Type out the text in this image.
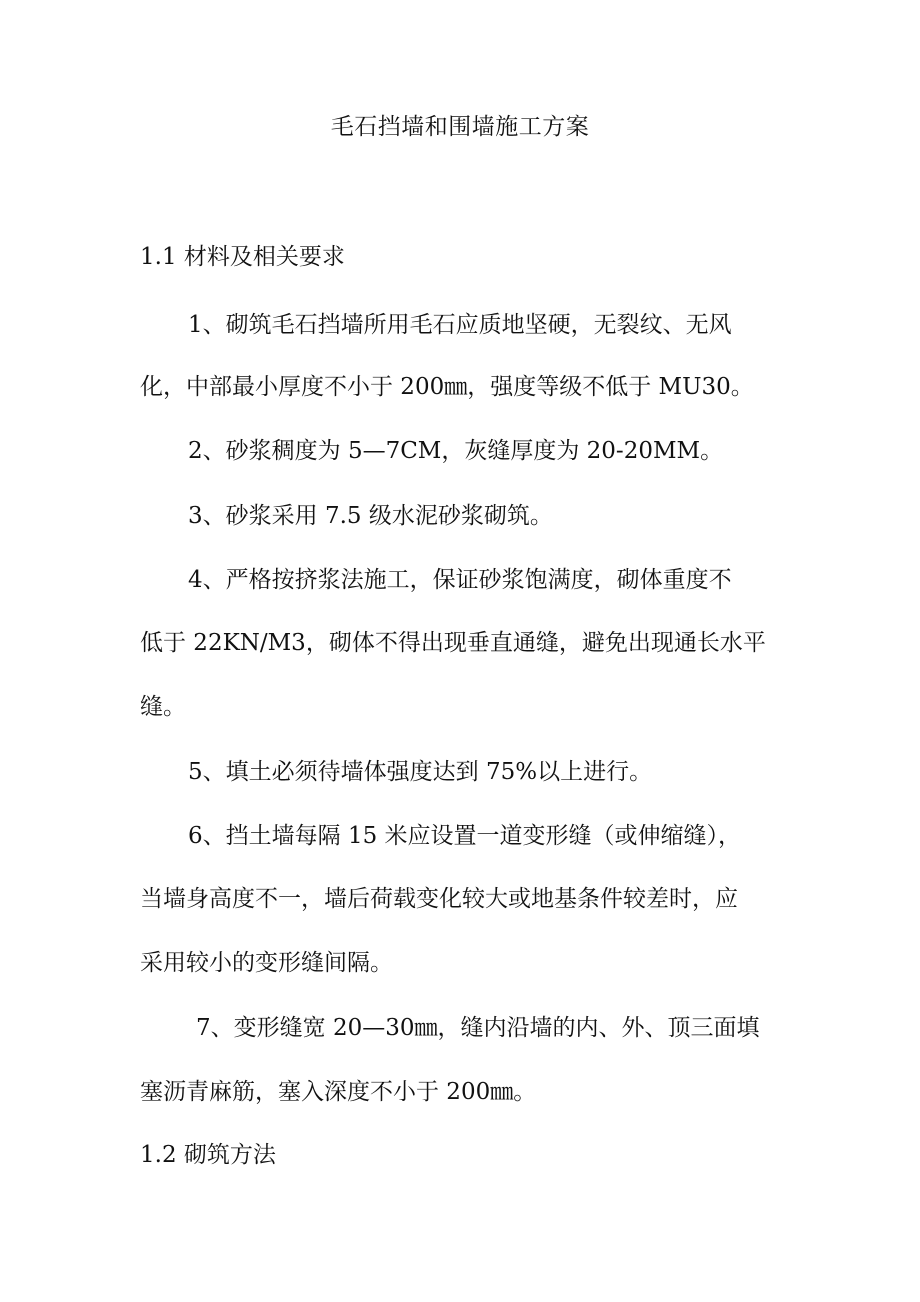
毛石挡墙和围墙施工方案
1.1 材料及相关要求
1、砌筑毛石挡墙所用毛石应质地坚硬，无裂纹、无风
化，中部最小厚度不小于 200㎜，强度等级不低于 MU30。
2、砂浆稠度为 5—7CM，灰缝厚度为 20-20MM。
3、砂浆采用 7.5 级水泥砂浆砌筑。
4、严格按挤浆法施工，保证砂浆饱满度，砌体重度不
低于 22KN/M3，砌体不得出现垂直通缝，避免出现通长水平
缝。
5、填土必须待墙体强度达到 75%以上进行。
6、挡土墙每隔 15 米应设置一道变形缝（或伸缩缝），
当墙身高度不一，墙后荷载变化较大或地基条件较差时，应
采用较小的变形缝间隔。
7、变形缝宽 20—30㎜，缝内沿墙的内、外、顶三面填
塞沥青麻筋，塞入深度不小于 200㎜。
1.2 砌筑方法
